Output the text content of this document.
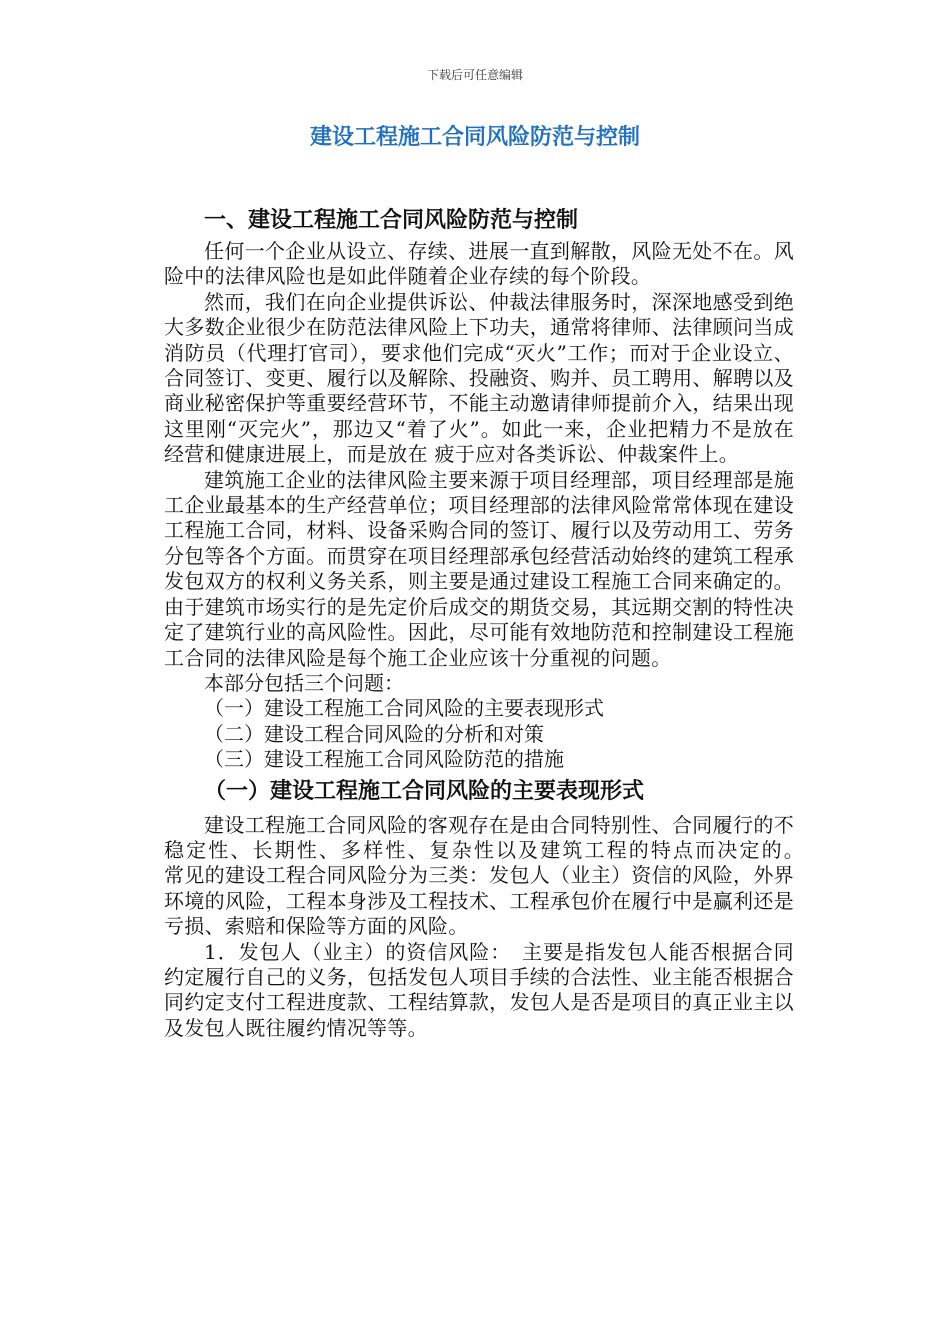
下载后可任意编辑
建设工程施工合同风险防范与控制

一、建设工程施工合同风险防范与控制

任何一个企业从设立、存续、进展一直到解散，风险无处不在。风险中的法律风险也是如此伴随着企业存续的每个阶段。

然而，我们在向企业提供诉讼、仲裁法律服务时，深深地感受到绝大多数企业很少在防范法律风险上下功夫，通常将律师、法律顾问当成消防员（代理打官司），要求他们完成“灭火”工作；而对于企业设立、合同签订、变更、履行以及解除、投融资、购并、员工聘用、解聘以及商业秘密保护等重要经营环节，不能主动邀请律师提前介入，结果出现这里刚“灭完火”，那边又“着了火”。如此一来，企业把精力不是放在经营和健康进展上，而是放在 疲于应对各类诉讼、仲裁案件上。

建筑施工企业的法律风险主要来源于项目经理部，项目经理部是施工企业最基本的生产经营单位；项目经理部的法律风险常常体现在建设工程施工合同，材料、设备采购合同的签订、履行以及劳动用工、劳务分包等各个方面。而贯穿在项目经理部承包经营活动始终的建筑工程承发包双方的权利义务关系，则主要是通过建设工程施工合同来确定的。由于建筑市场实行的是先定价后成交的期货交易，其远期交割的特性决定了建筑行业的高风险性。因此，尽可能有效地防范和控制建设工程施工合同的法律风险是每个施工企业应该十分重视的问题。

本部分包括三个问题：

（一）建设工程施工合同风险的主要表现形式

（二）建设工程合同风险的分析和对策

（三）建设工程施工合同风险防范的措施

（一）建设工程施工合同风险的主要表现形式

建设工程施工合同风险的客观存在是由合同特别性、合同履行的不稳定性、长期性、多样性、复杂性以及建筑工程的特点而决定的。　　　　常见的建设工程合同风险分为三类：发包人（业主）资信的风险，外界环境的风险，工程本身涉及工程技术、工程承包价在履行中是赢利还是亏损、索赔和保险等方面的风险。

1．发包人（业主）的资信风险：　主要是指发包人能否根据合同约定履行自己的义务，包括发包人项目手续的合法性、业主能否根据合同约定支付工程进度款、工程结算款，发包人是否是项目的真正业主以及发包人既往履约情况等等。
